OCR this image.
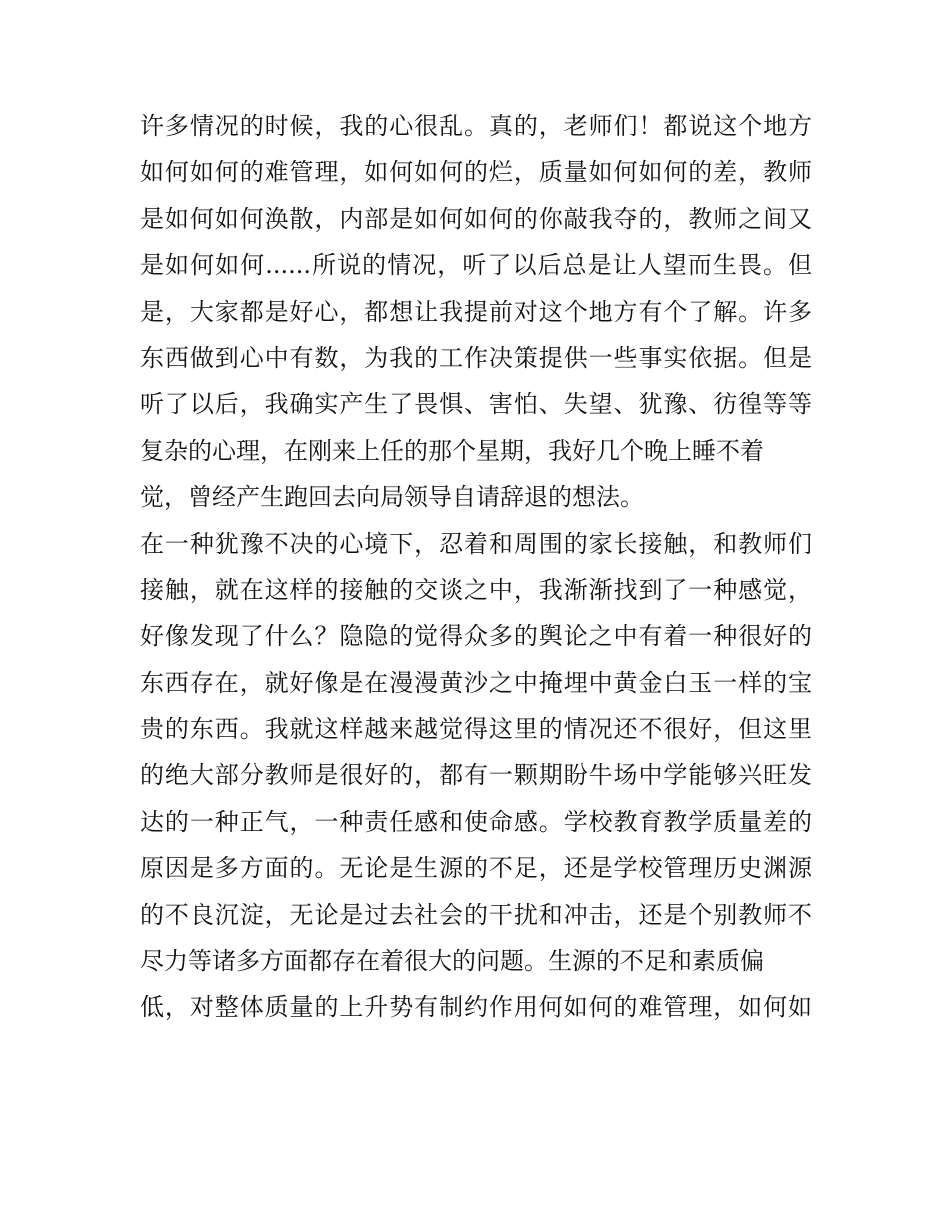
许多情况的时候，我的心很乱。真的，老师们！都说这个地方
如何如何的难管理，如何如何的烂，质量如何如何的差，教师
是如何如何涣散，内部是如何如何的你敲我夺的，教师之间又
是如何如何......所说的情况，听了以后总是让人望而生畏。但
是，大家都是好心，都想让我提前对这个地方有个了解。许多
东西做到心中有数，为我的工作决策提供一些事实依据。但是
听了以后，我确实产生了畏惧、害怕、失望、犹豫、彷徨等等
复杂的心理，在刚来上任的那个星期，我好几个晚上睡不着
觉，曾经产生跑回去向局领导自请辞退的想法。
在一种犹豫不决的心境下，忍着和周围的家长接触，和教师们
接触，就在这样的接触的交谈之中，我渐渐找到了一种感觉，
好像发现了什么？隐隐的觉得众多的舆论之中有着一种很好的
东西存在，就好像是在漫漫黄沙之中掩埋中黄金白玉一样的宝
贵的东西。我就这样越来越觉得这里的情况还不很好，但这里
的绝大部分教师是很好的，都有一颗期盼牛场中学能够兴旺发
达的一种正气，一种责任感和使命感。学校教育教学质量差的
原因是多方面的。无论是生源的不足，还是学校管理历史渊源
的不良沉淀，无论是过去社会的干扰和冲击，还是个别教师不
尽力等诸多方面都存在着很大的问题。生源的不足和素质偏
低，对整体质量的上升势有制约作用何如何的难管理，如何如
